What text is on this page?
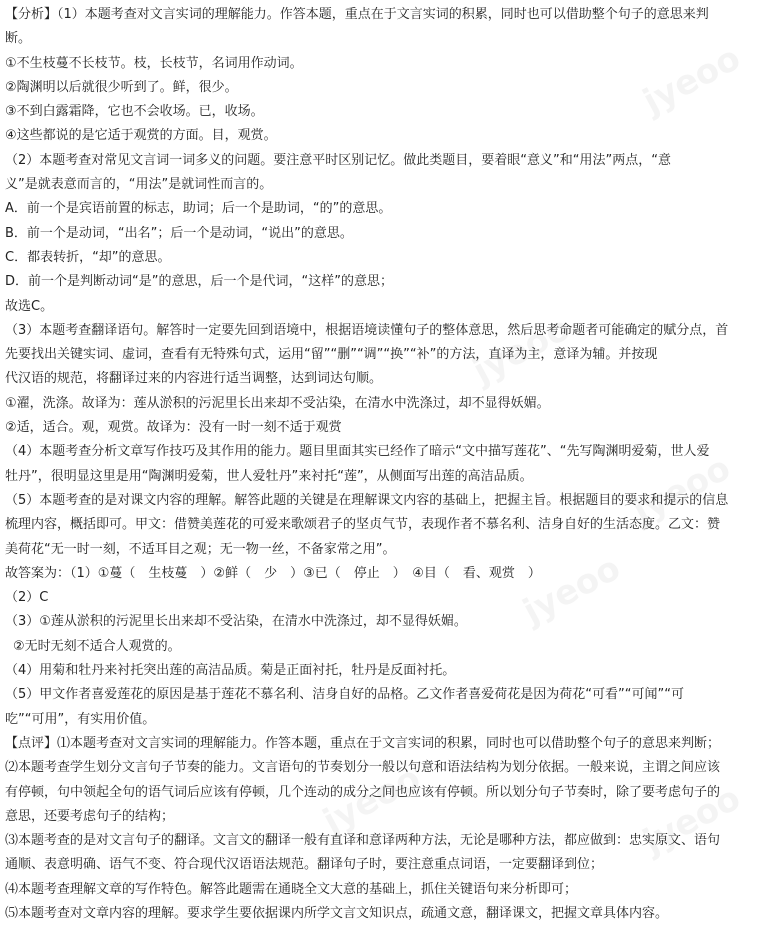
【分析】（1）本题考查对文言实词的理解能力。作答本题，重点在于文言实词的积累，同时也可以借助整个句子的意思来判
断。
①不生枝蔓不长枝节。枝，长枝节，名词用作动词。
②陶渊明以后就很少听到了。鲜，很少。
③不到白露霜降，它也不会收场。已，收场。
④这些都说的是它适于观赏的方面。目，观赏。
（2）本题考查对常见文言词一词多义的问题。要注意平时区别记忆。做此类题目，要着眼“意义”和“用法”两点，“意
义”是就表意而言的，“用法”是就词性而言的。
A．前一个是宾语前置的标志，助词；后一个是助词，“的”的意思。
B．前一个是动词，“出名”；后一个是动词，“说出”的意思。
C．都表转折，“却”的意思。
D．前一个是判断动词“是”的意思，后一个是代词，“这样”的意思；
故选C。
（3）本题考查翻译语句。解答时一定要先回到语境中，根据语境读懂句子的整体意思，然后思考命题者可能确定的赋分点，首
先要找出关键实词、虚词，查看有无特殊句式，运用“留”“删”“调”“换”“补”的方法，直译为主，意译为辅。并按现
代汉语的规范，将翻译过来的内容进行适当调整，达到词达句顺。
①濯，洗涤。故译为：莲从淤积的污泥里长出来却不受沾染，在清水中洗涤过，却不显得妖媚。
②适，适合。观，观赏。故译为：没有一时一刻不适于观赏
（4）本题考查分析文章写作技巧及其作用的能力。题目里面其实已经作了暗示“文中描写莲花”、“先写陶渊明爱菊，世人爱
牡丹”，很明显这里是用“陶渊明爱菊，世人爱牡丹”来衬托“莲”，从侧面写出莲的高洁品质。
（5）本题考查的是对课文内容的理解。解答此题的关键是在理解课文内容的基础上，把握主旨。根据题目的要求和提示的信息
梳理内容，概括即可。甲文：借赞美莲花的可爱来歌颂君子的坚贞气节，表现作者不慕名利、洁身自好的生活态度。乙文：赞
美荷花“无一时一刻，不适耳目之观；无一物一丝，不备家常之用”。
故答案为：（1）①蔓（　生枝蔓　）②鲜（　少　）③已（　停止　）　④目（　看、观赏　）
（2）C
（3）①莲从淤积的污泥里长出来却不受沾染，在清水中洗涤过，却不显得妖媚。
②无时无刻不适合人观赏的。
（4）用菊和牡丹来衬托突出莲的高洁品质。菊是正面衬托，牡丹是反面衬托。
（5）甲文作者喜爱莲花的原因是基于莲花不慕名利、洁身自好的品格。乙文作者喜爱荷花是因为荷花“可看”“可闻”“可
吃”“可用”，有实用价值。
【点评】⑴本题考查对文言实词的理解能力。作答本题，重点在于文言实词的积累，同时也可以借助整个句子的意思来判断；
⑵本题考查学生划分文言句子节奏的能力。文言语句的节奏划分一般以句意和语法结构为划分依据。一般来说，主谓之间应该
有停顿，句中领起全句的语气词后应该有停顿，几个连动的成分之间也应该有停顿。所以划分句子节奏时，除了要考虑句子的
意思，还要考虑句子的结构；
⑶本题考查的是对文言句子的翻译。文言文的翻译一般有直译和意译两种方法，无论是哪种方法，都应做到：忠实原文、语句
通顺、表意明确、语气不变、符合现代汉语语法规范。翻译句子时，要注意重点词语，一定要翻译到位；
⑷本题考查理解文章的写作特色。解答此题需在通晓全文大意的基础上，抓住关键语句来分析即可；
⑸本题考查对文章内容的理解。要求学生要依据课内所学文言文知识点，疏通文意，翻译课文，把握文章具体内容。
